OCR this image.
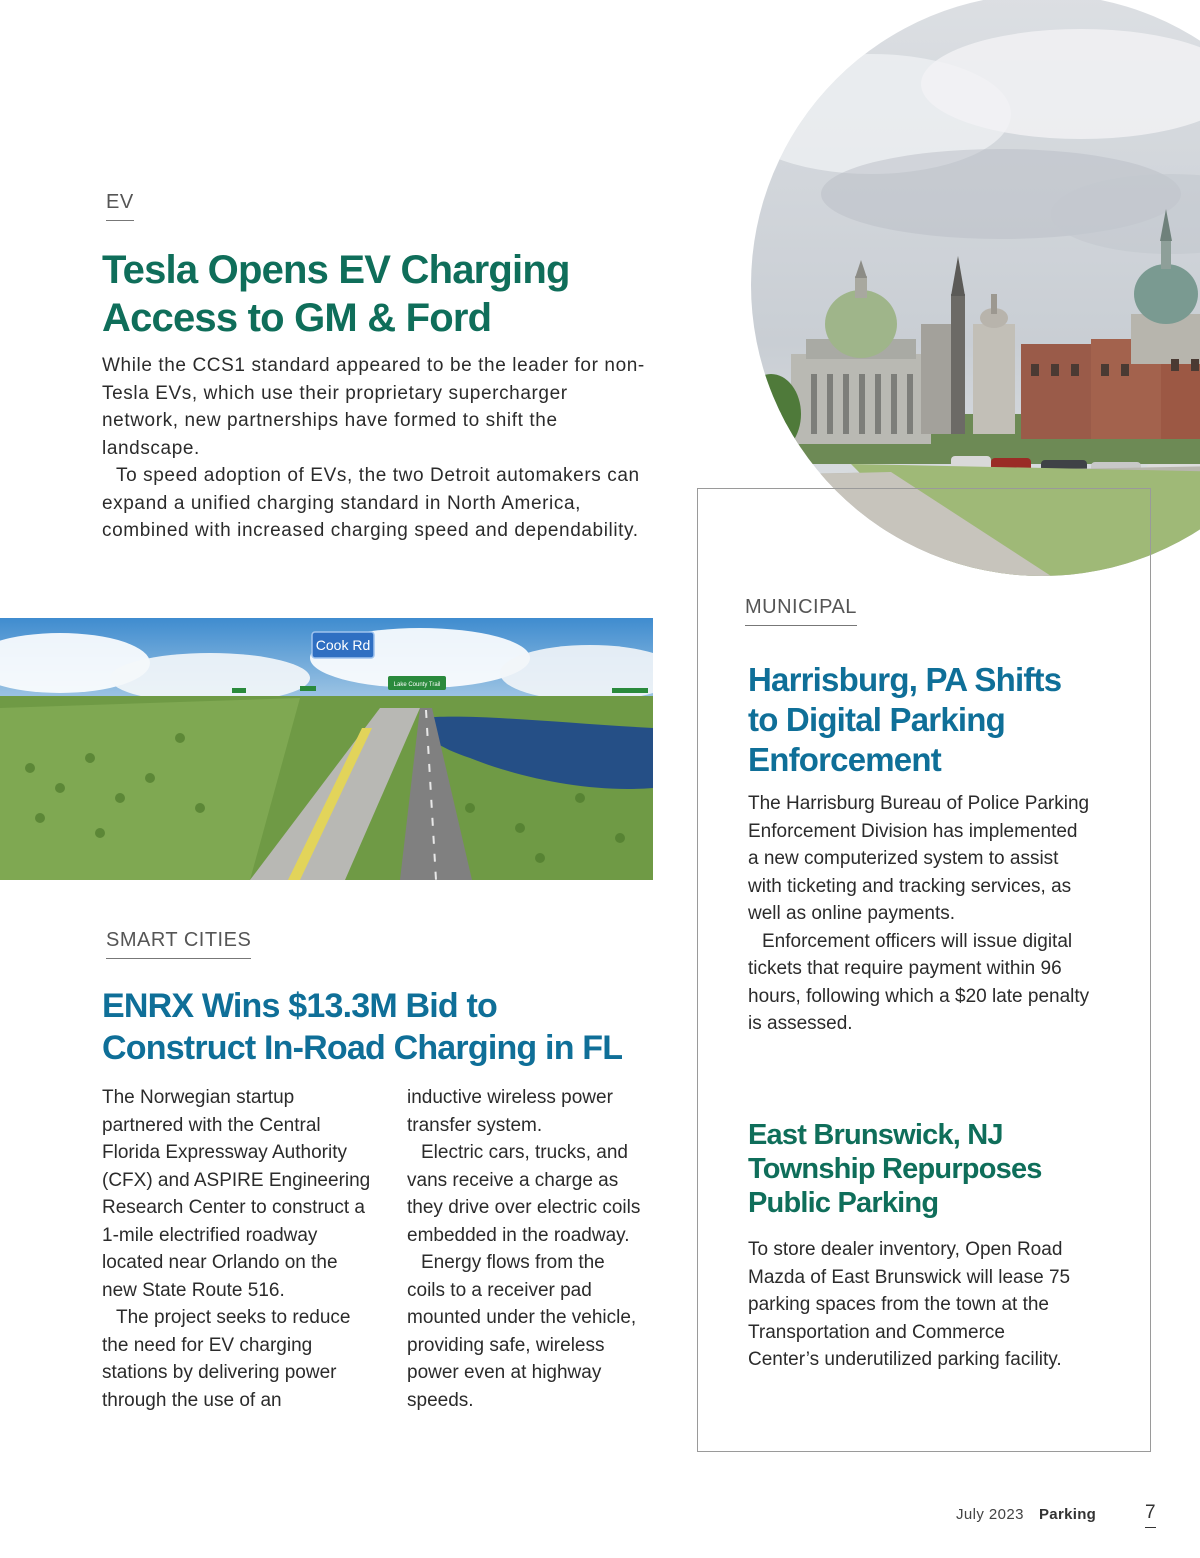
EV
Tesla Opens EV Charging
Access to GM & Ford

While the CCS1 standard appeared to be the leader for non-Tesla EVs, which use their proprietary supercharger network, new partnerships have formed to shift the landscape.

To speed adoption of EVs, the two Detroit automakers can expand a unified charging standard in North America, combined with increased charging speed and dependability.

Cook Rd
Lake County Trail
SMART CITIES
ENRX Wins $13.3M Bid to
Construct In-Road Charging in FL

The Norwegian startup partnered with the Central Florida Expressway Authority (CFX) and ASPIRE Engineering Research Center to construct a 1-mile electrified roadway located near Orlando on the new State Route 516.

The project seeks to reduce the need for EV charging stations by delivering power through the use of an

inductive wireless power transfer system.

Electric cars, trucks, and vans receive a charge as they drive over electric coils embedded in the roadway.

Energy flows from the coils to a receiver pad mounted under the vehicle, providing safe, wireless power even at highway speeds.

MUNICIPAL
Harrisburg, PA Shifts
to Digital Parking
Enforcement

The Harrisburg Bureau of Police Parking Enforcement Division has implemented a new computerized system to assist with ticketing and tracking services, as well as online payments.

Enforcement officers will issue digital tickets that require payment within 96 hours, following which a $20 late penalty is assessed.

East Brunswick, NJ
Township Repurposes
Public Parking

To store dealer inventory, Open Road Mazda of East Brunswick will lease 75 parking spaces from the town at the Transportation and Commerce Center’s underutilized parking facility.

July 2023 Parking	7
